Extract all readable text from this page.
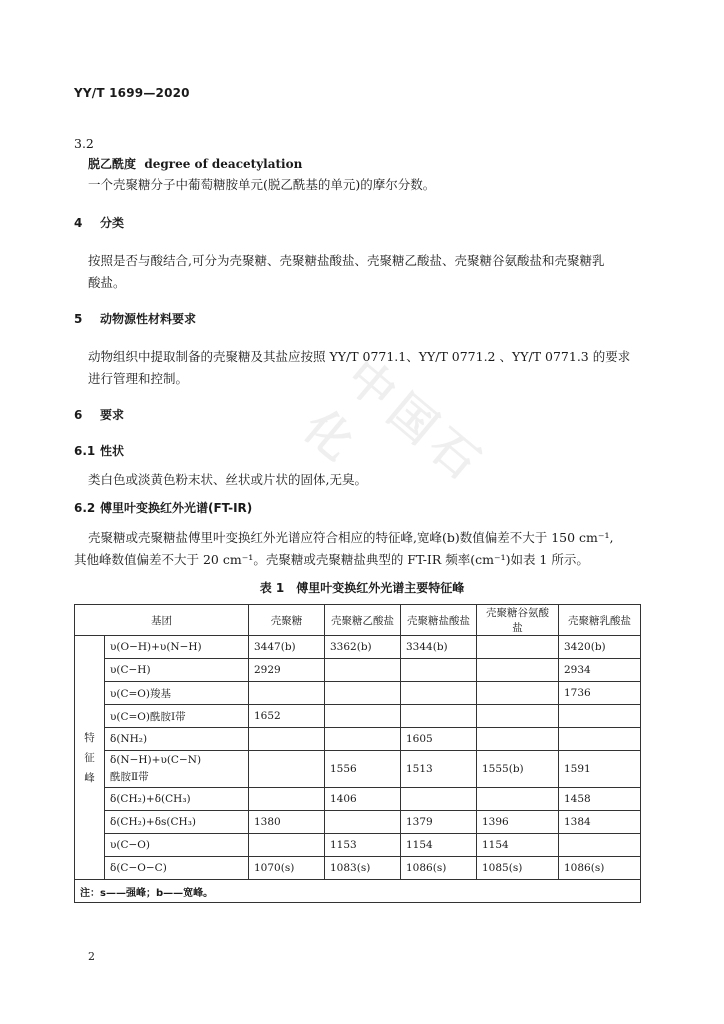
YY/T 1699—2020
中国石化
3.2
脱乙酰度 degree of deacetylation
一个壳聚糖分子中葡萄糖胺单元(脱乙酰基的单元)的摩尔分数。
4 分类
按照是否与酸结合,可分为壳聚糖、壳聚糖盐酸盐、壳聚糖乙酸盐、壳聚糖谷氨酸盐和壳聚糖乳
酸盐。
5 动物源性材料要求
动物组织中提取制备的壳聚糖及其盐应按照 YY/T 0771.1、YY/T 0771.2 、YY/T 0771.3 的要求
进行管理和控制。
6 要求
6.1 性状
类白色或淡黄色粉末状、丝状或片状的固体,无臭。
6.2 傅里叶变换红外光谱(FT-IR)
壳聚糖或壳聚糖盐傅里叶变换红外光谱应符合相应的特征峰,宽峰(b)数值偏差不大于 150 cm⁻¹,
其他峰数值偏差不大于 20 cm⁻¹。壳聚糖或壳聚糖盐典型的 FT-IR 频率(cm⁻¹)如表 1 所示。
表 1　傅里叶变换红外光谱主要特征峰
基团		壳聚糖	壳聚糖乙酸盐	壳聚糖盐酸盐	壳聚糖谷氨酸盐	壳聚糖乳酸盐

特
征
峰	υ(O−H)+υ(N−H)	3447(b)	3362(b)	3344(b)		3420(b)
	υ(C−H)	2929				2934
	υ(C=O)羧基					1736
	υ(C=O)酰胺Ⅰ带	1652				
	δ(NH₂)			1605		

	δ(N−H)+υ(C−N)
酰胺Ⅱ带		1556	1513	1555(b)	1591
	δ(CH₂)+δ(CH₃)		1406			1458
	δ(CH₂)+δs(CH₃)	1380		1379	1396	1384
	υ(C−O)		1153	1154	1154	
	δ(C−O−C)	1070(s)	1083(s)	1086(s)	1085(s)	1086(s)
注：s——强峰；b——宽峰。						
2
